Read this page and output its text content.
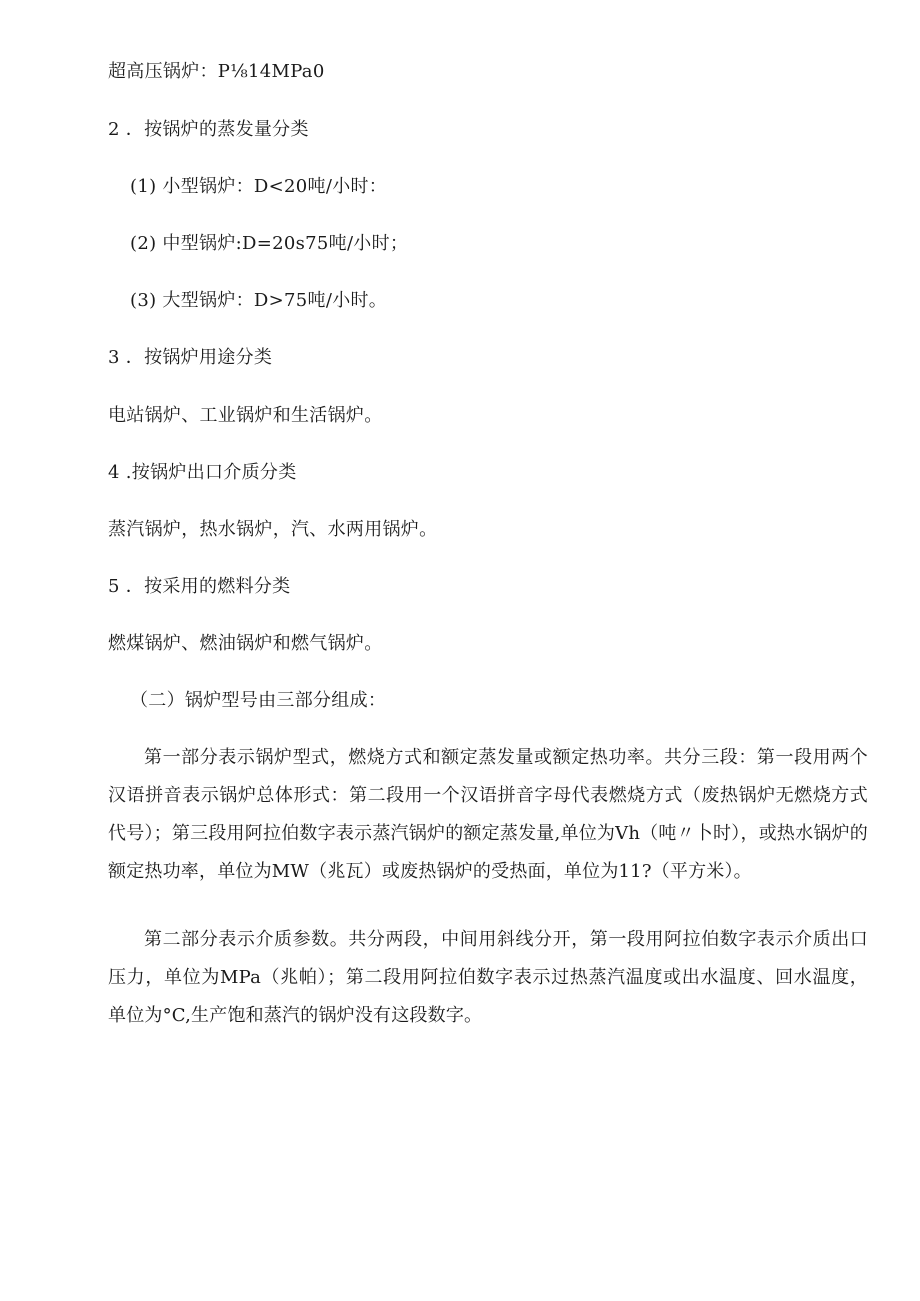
超高压锅炉：P⅛14MPa0
2 ．按锅炉的蒸发量分类
(1) 小型锅炉：D<20吨/小时：
(2) 中型锅炉:D=20s75吨/小时；
(3) 大型锅炉：D>75吨/小时。
3 ．按锅炉用途分类
电站锅炉、工业锅炉和生活锅炉。
4 .按锅炉出口介质分类
蒸汽锅炉，热水锅炉，汽、水两用锅炉。
5 ．按采用的燃料分类
燃煤锅炉、燃油锅炉和燃气锅炉。
（二）锅炉型号由三部分组成：
第一部分表示锅炉型式，燃烧方式和额定蒸发量或额定热功率。共分三段：第一段用两个汉语拼音表示锅炉总体形式：第二段用一个汉语拼音字母代表燃烧方式（废热锅炉无燃烧方式代号）；第三段用阿拉伯数字表示蒸汽锅炉的额定蒸发量,单位为Vh（吨〃卜时），或热水锅炉的额定热功率，单位为MW（兆瓦）或废热锅炉的受热面，单位为11?（平方米）。
第二部分表示介质参数。共分两段，中间用斜线分开，第一段用阿拉伯数字表示介质出口压力，单位为MPa（兆帕）；第二段用阿拉伯数字表示过热蒸汽温度或出水温度、回水温度，单位为°C,生产饱和蒸汽的锅炉没有这段数字。
